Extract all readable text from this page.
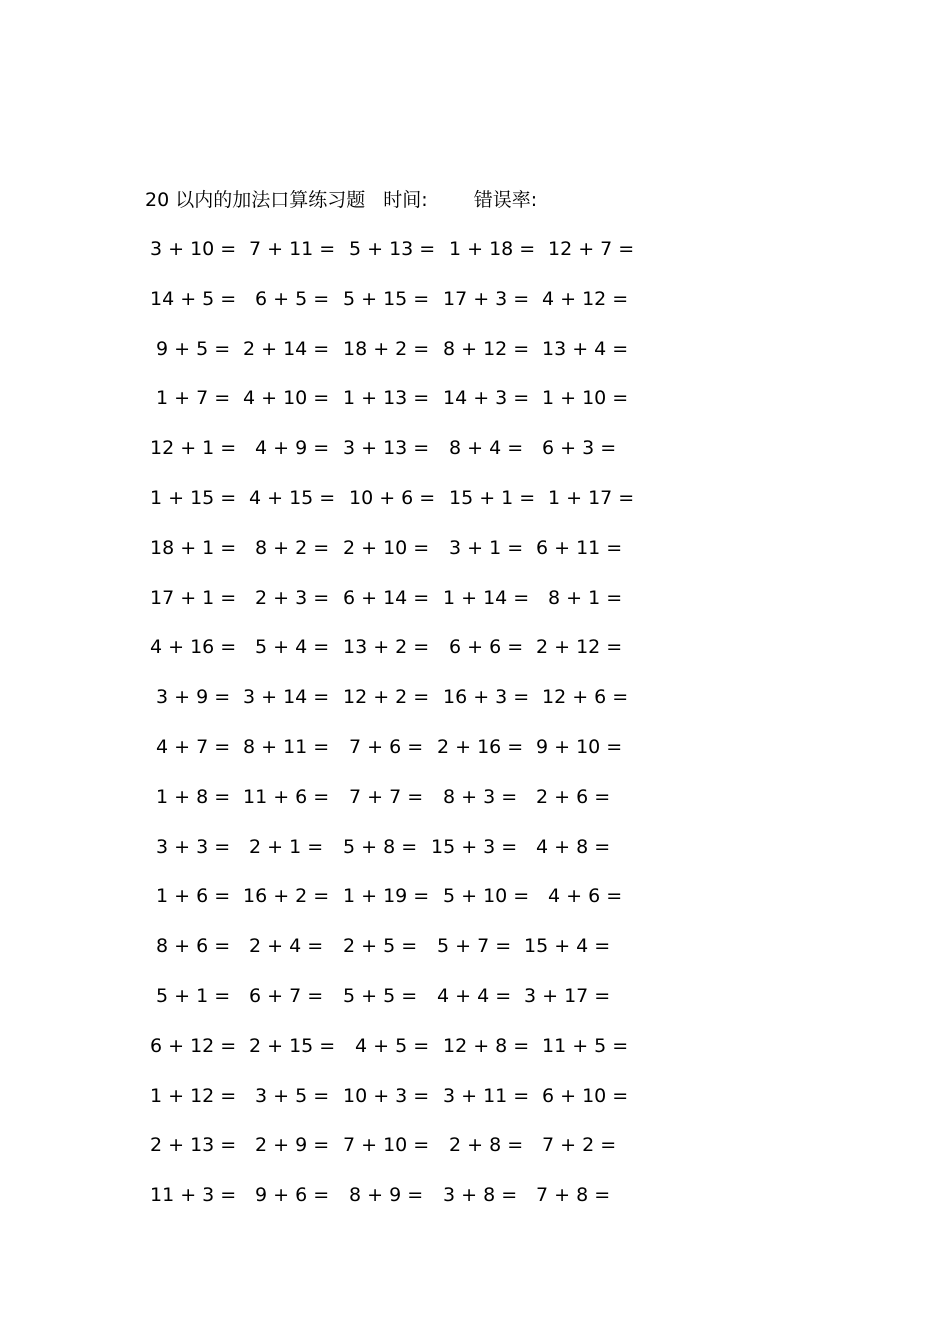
20 以内的加法口算练习题 时间: 错误率:
3 + 10 = 7 + 11 = 5 + 13 = 1 + 18 = 12 + 7 =
14 + 5 = 6 + 5 = 5 + 15 = 17 + 3 = 4 + 12 =
9 + 5 = 2 + 14 = 18 + 2 = 8 + 12 = 13 + 4 =
1 + 7 = 4 + 10 = 1 + 13 = 14 + 3 = 1 + 10 =
12 + 1 = 4 + 9 = 3 + 13 = 8 + 4 = 6 + 3 =
1 + 15 = 4 + 15 = 10 + 6 = 15 + 1 = 1 + 17 =
18 + 1 = 8 + 2 = 2 + 10 = 3 + 1 = 6 + 11 =
17 + 1 = 2 + 3 = 6 + 14 = 1 + 14 = 8 + 1 =
4 + 16 = 5 + 4 = 13 + 2 = 6 + 6 = 2 + 12 =
3 + 9 = 3 + 14 = 12 + 2 = 16 + 3 = 12 + 6 =
4 + 7 = 8 + 11 = 7 + 6 = 2 + 16 = 9 + 10 =
1 + 8 = 11 + 6 = 7 + 7 = 8 + 3 = 2 + 6 =
3 + 3 = 2 + 1 = 5 + 8 = 15 + 3 = 4 + 8 =
1 + 6 = 16 + 2 = 1 + 19 = 5 + 10 = 4 + 6 =
8 + 6 = 2 + 4 = 2 + 5 = 5 + 7 = 15 + 4 =
5 + 1 = 6 + 7 = 5 + 5 = 4 + 4 = 3 + 17 =
6 + 12 = 2 + 15 = 4 + 5 = 12 + 8 = 11 + 5 =
1 + 12 = 3 + 5 = 10 + 3 = 3 + 11 = 6 + 10 =
2 + 13 = 2 + 9 = 7 + 10 = 2 + 8 = 7 + 2 =
11 + 3 = 9 + 6 = 8 + 9 = 3 + 8 = 7 + 8 =
